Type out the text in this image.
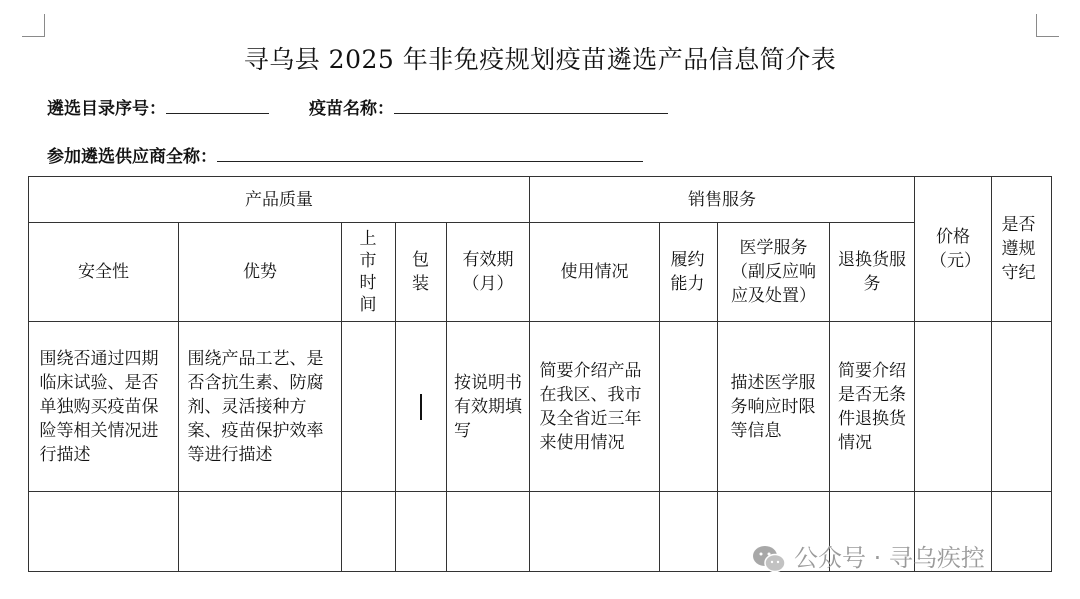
寻乌县 2025 年非免疫规划疫苗遴选产品信息简介表
遴选目录序号：	疫苗名称：
参加遴选供应商全称：
产品质量					销售服务				价格（元）	是否遵规守纪

安全性	优势	上市时间	包装	有效期（月）	使用情况	履约能力	医学服务（副反应响应及处置）	退换货服务		

围绕否通过四期临床试验、是否单独购买疫苗保险等相关情况进行描述	围绕产品工艺、是否含抗生素、防腐剂、灵活接种方案、疫苗保护效率等进行描述			按说明书有效期填写	简要介绍产品在我区、我市及全省近三年来使用情况		描述医学服务响应时限等信息	简要介绍是否无条件退换货情况		

公众号 · 寻乌疾控
